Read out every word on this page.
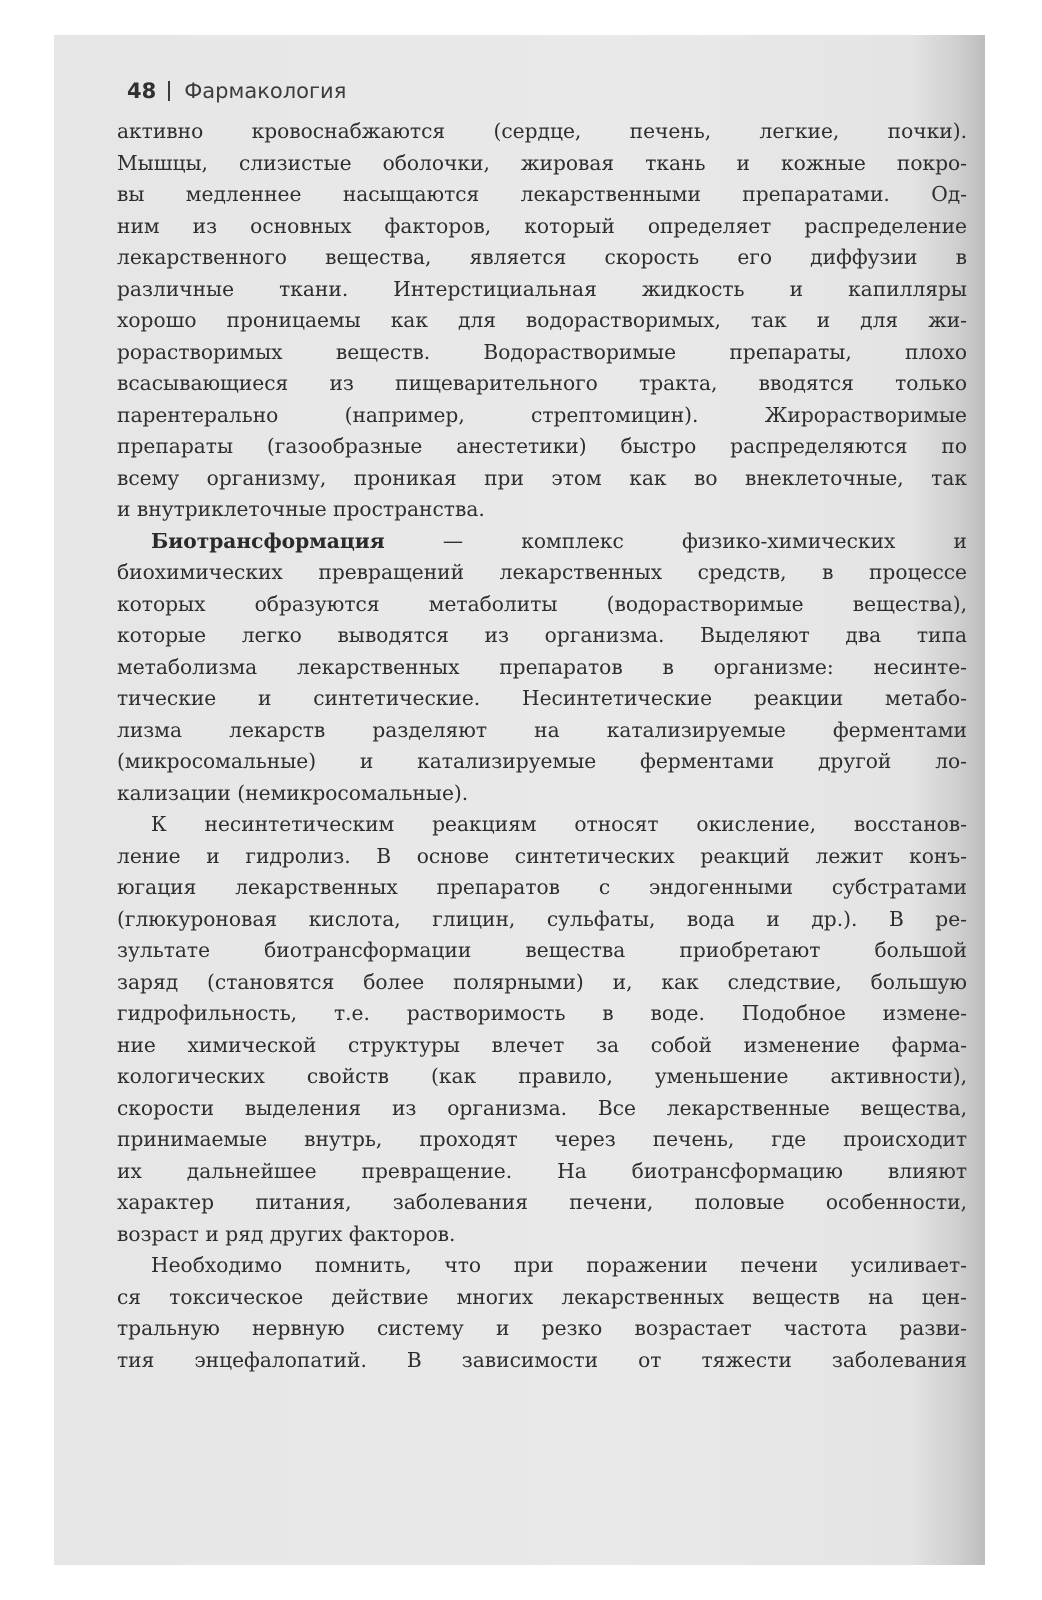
48 Фармакология
активно кровоснабжаются (сердце, печень, легкие, почки).
Мышцы, слизистые оболочки, жировая ткань и кожные покро-
вы медленнее насыщаются лекарственными препаратами. Од-
ним из основных факторов, который определяет распределение
лекарственного вещества, является скорость его диффузии в
различные ткани. Интерстициальная жидкость и капилляры
хорошо проницаемы как для водорастворимых, так и для жи-
рорастворимых веществ. Водорастворимые препараты, плохо
всасывающиеся из пищеварительного тракта, вводятся только
парентерально (например, стрептомицин). Жирорастворимые
препараты (газообразные анестетики) быстро распределяются по
всему организму, проникая при этом как во внеклеточные, так
и внутриклеточные пространства.
Биотрансформация — комплекс физико-химических и
биохимических превращений лекарственных средств, в процессе
которых образуются метаболиты (водорастворимые вещества),
которые легко выводятся из организма. Выделяют два типа
метаболизма лекарственных препаратов в организме: несинте-
тические и синтетические. Несинтетические реакции метабо-
лизма лекарств разделяют на катализируемые ферментами
(микросомальные) и катализируемые ферментами другой ло-
кализации (немикросомальные).
К несинтетическим реакциям относят окисление, восстанов-
ление и гидролиз. В основе синтетических реакций лежит конъ-
югация лекарственных препаратов с эндогенными субстратами
(глюкуроновая кислота, глицин, сульфаты, вода и др.). В ре-
зультате биотрансформации вещества приобретают большой
заряд (становятся более полярными) и, как следствие, большую
гидрофильность, т.е. растворимость в воде. Подобное измене-
ние химической структуры влечет за собой изменение фарма-
кологических свойств (как правило, уменьшение активности),
скорости выделения из организма. Все лекарственные вещества,
принимаемые внутрь, проходят через печень, где происходит
их дальнейшее превращение. На биотрансформацию влияют
характер питания, заболевания печени, половые особенности,
возраст и ряд других факторов.
Необходимо помнить, что при поражении печени усиливает-
ся токсическое действие многих лекарственных веществ на цен-
тральную нервную систему и резко возрастает частота разви-
тия энцефалопатий. В зависимости от тяжести заболевания
